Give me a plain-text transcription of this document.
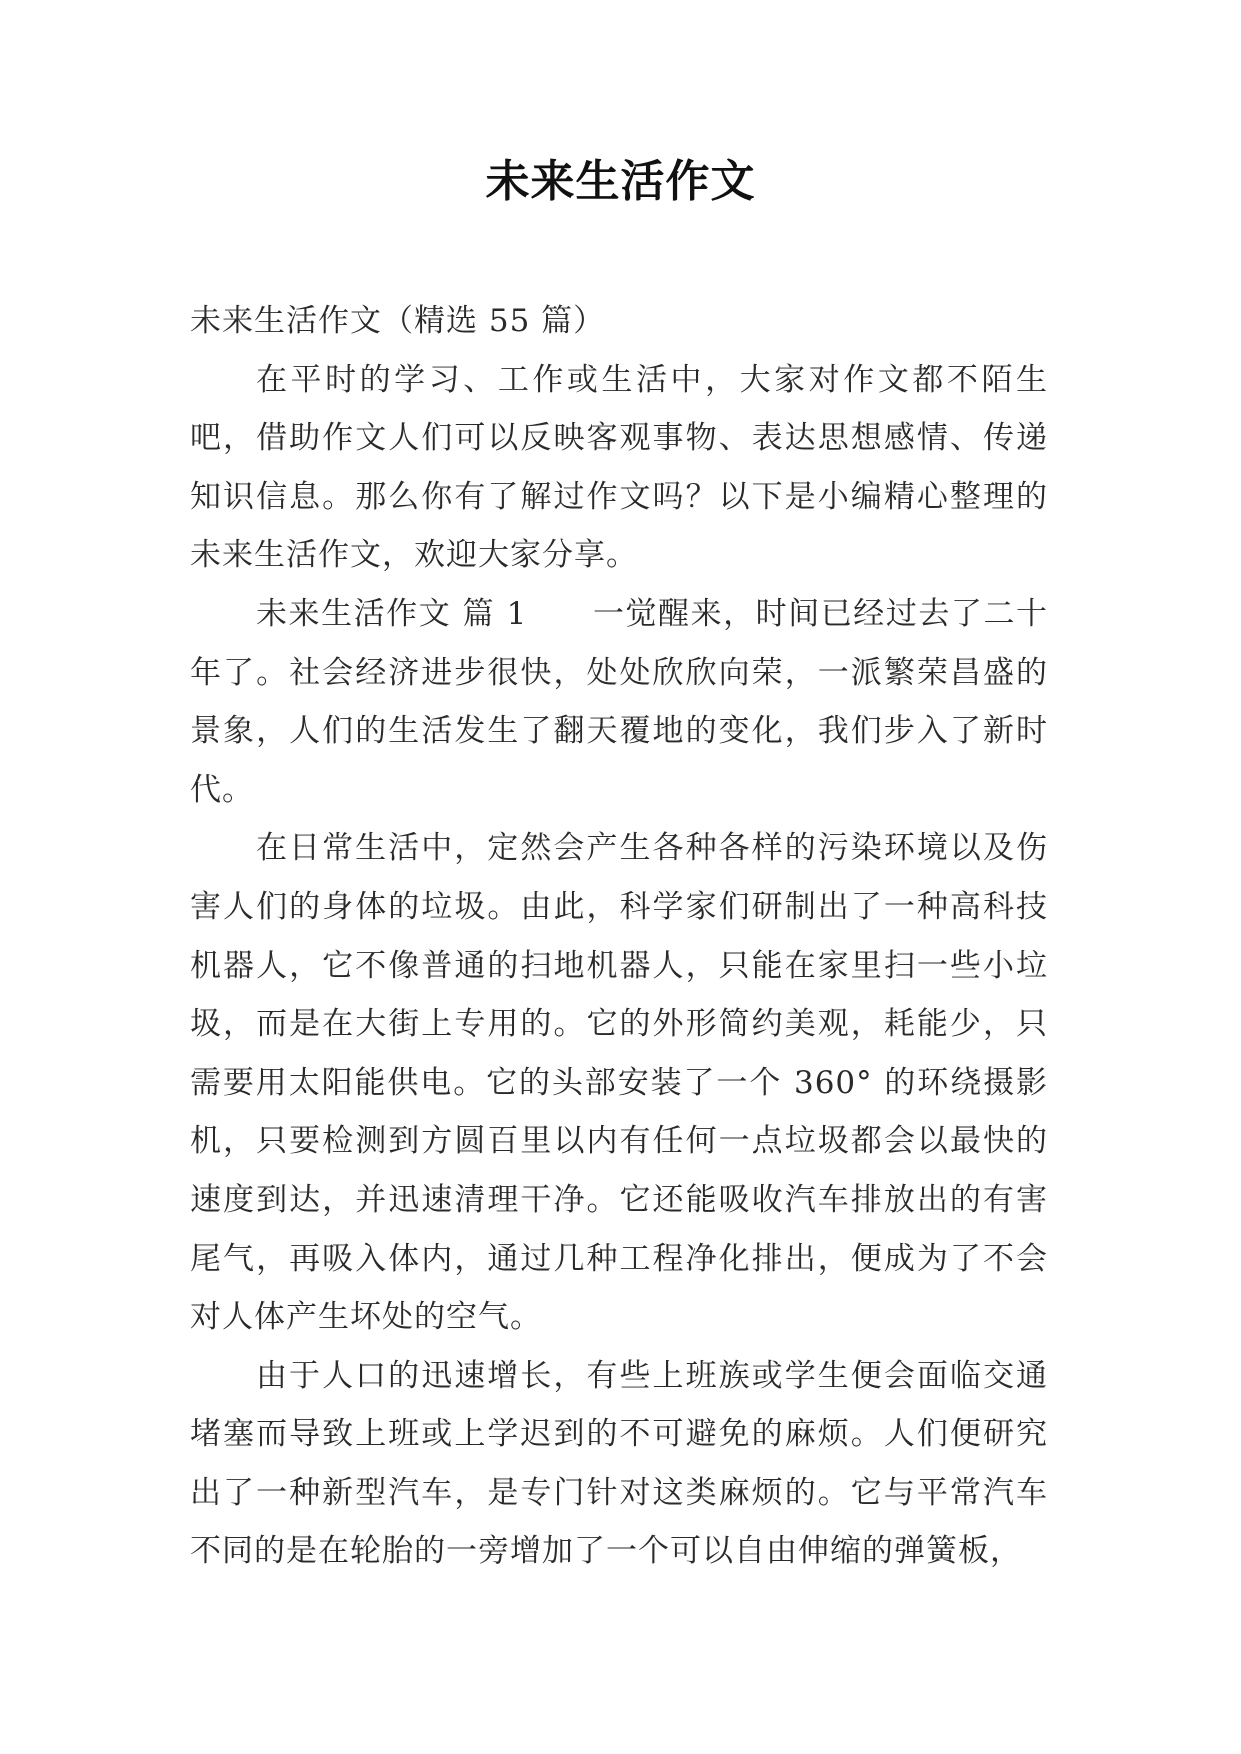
未来生活作文

未来生活作文（精选 55 篇）

在平时的学习、工作或生活中，大家对作文都不陌生吧，借助作文人们可以反映客观事物、表达思想感情、传递知识信息。那么你有了解过作文吗？以下是小编精心整理的未来生活作文，欢迎大家分享。

未来生活作文 篇 1　　一觉醒来，时间已经过去了二十年了。社会经济进步很快，处处欣欣向荣，一派繁荣昌盛的景象，人们的生活发生了翻天覆地的变化，我们步入了新时代。

在日常生活中，定然会产生各种各样的污染环境以及伤害人们的身体的垃圾。由此，科学家们研制出了一种高科技机器人，它不像普通的扫地机器人，只能在家里扫一些小垃圾，而是在大街上专用的。它的外形简约美观，耗能少，只需要用太阳能供电。它的头部安装了一个 360° 的环绕摄影机，只要检测到方圆百里以内有任何一点垃圾都会以最快的速度到达，并迅速清理干净。它还能吸收汽车排放出的有害尾气，再吸入体内，通过几种工程净化排出，便成为了不会对人体产生坏处的空气。

由于人口的迅速增长，有些上班族或学生便会面临交通堵塞而导致上班或上学迟到的不可避免的麻烦。人们便研究出了一种新型汽车，是专门针对这类麻烦的。它与平常汽车不同的是在轮胎的一旁增加了一个可以自由伸缩的弹簧板，
